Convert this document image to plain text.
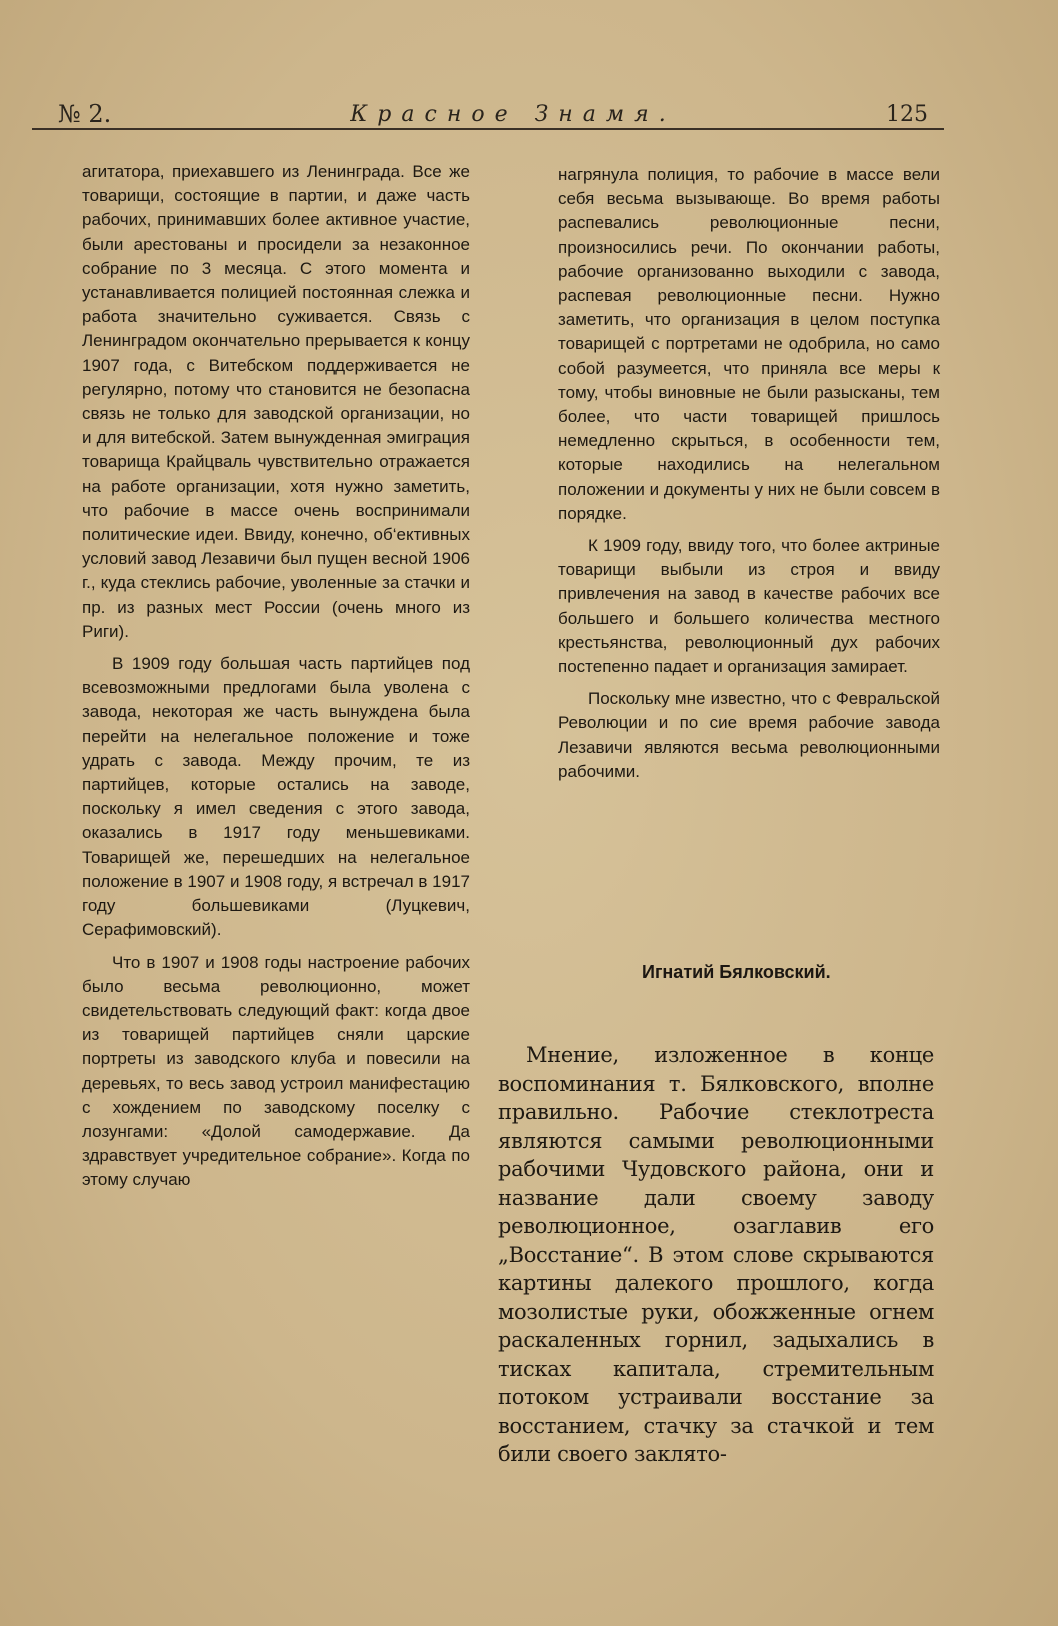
№ 2.	Красное Знамя.	125

агитатора, приехавшего из Ленинграда. Все же товарищи, состоящие в партии, и даже часть рабочих, принимавших более активное участие, были арестованы и просидели за незаконное собрание по 3 месяца. С этого момента и устанавливается полицией постоянная слежка и работа значительно суживается. Связь с Ленинградом окончательно прерывается к концу 1907 года, с Витебском поддерживается не регулярно, потому что становится не безопасна связь не только для заводской организации, но и для витебской. Затем вынужденная эмиграция товарища Крайцваль чувствительно отражается на работе организации, хотя нужно заметить, что рабочие в массе очень воспринимали политические идеи. Ввиду, конечно, об‘ективных условий завод Лезавичи был пущен весной 1906 г., куда стеклись рабочие, уволенные за стачки и пр. из разных мест России (очень много из Риги).

В 1909 году большая часть партийцев под всевозможными предлогами была уволена с завода, некоторая же часть вынуждена была перейти на нелегальное положение и тоже удрать с завода. Между прочим, те из партийцев, которые остались на заводе, поскольку я имел сведения с этого завода, оказались в 1917 году меньшевиками. Товарищей же, перешедших на нелегальное положение в 1907 и 1908 году, я встречал в 1917 году большевиками (Луцкевич, Серафимовский).

Что в 1907 и 1908 годы настроение рабочих было весьма революционно, может свидетельствовать следующий факт: когда двое из товарищей партийцев сняли царские портреты из заводского клуба и повесили на деревьях, то весь завод устроил манифестацию с хождением по заводскому поселку с лозунгами: «Долой самодержавие. Да здравствует учредительное собрание». Когда по этому случаю

нагрянула полиция, то рабочие в массе вели себя весьма вызывающе. Во время работы распевались революционные песни, произносились речи. По окончании работы, рабочие организованно выходили с завода, распевая революционные песни. Нужно заметить, что организация в целом поступка товарищей с портретами не одобрила, но само собой разумеется, что приняла все меры к тому, чтобы виновные не были разысканы, тем более, что части товарищей пришлось немедленно скрыться, в особенности тем, которые находились на нелегальном положении и документы у них не были совсем в порядке.

К 1909 году, ввиду того, что более актриные товарищи выбыли из строя и ввиду привлечения на завод в качестве рабочих все большего и большего количества местного крестьянства, революционный дух рабочих постепенно падает и организация замирает.

Поскольку мне известно, что с Февральской Революции и по сие время рабочие завода Лезавичи являются весьма революционными рабочими.

Игнатий Бялковский.

Мнение, изложенное в конце воспоминания т. Бялковского, вполне правильно. Рабочие стеклотреста являются самыми революционными рабочими Чудовского района, они и название дали своему заводу революционное, озаглавив его „Восстание“. В этом слове скрываются картины далекого прошлого, когда мозолистые руки, обожженные огнем раскаленных горнил, задыхались в тисках капитала, стремительным потоком устраивали восстание за восстанием, стачку за стачкой и тем били своего заклято-
